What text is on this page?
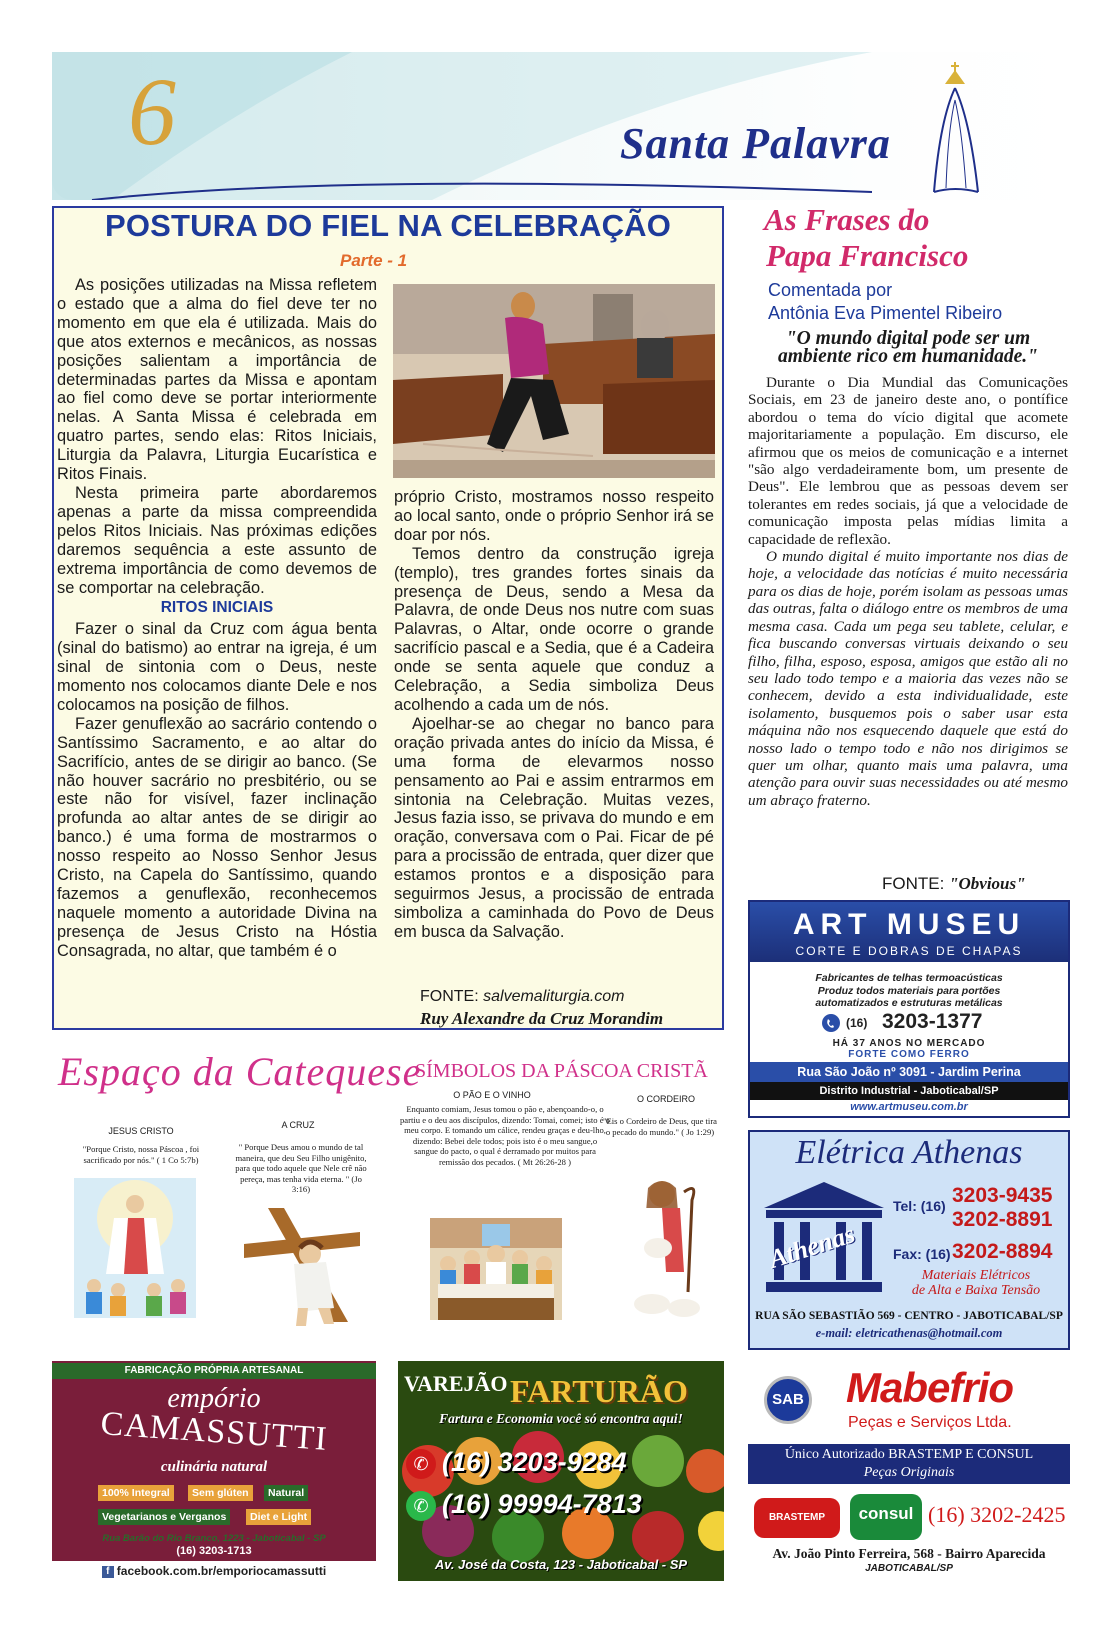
6	Santa Palavra
POSTURA DO FIEL NA CELEBRAÇÃO
Parte - 1

As posições utilizadas na Missa refletem o estado que a alma do fiel deve ter no momento em que ela é utilizada. Mais do que atos externos e mecânicos, as nossas posições salientam a importância de determinadas partes da Missa e apontam ao fiel como deve se portar interiormente nelas. A Santa Missa é celebrada em quatro partes, sendo elas: Ritos Iniciais, Liturgia da Palavra, Liturgia Eucarística e Ritos Finais.

Nesta primeira parte abordaremos apenas a parte da missa compreendida pelos Ritos Iniciais. Nas próximas edições daremos sequência a este assunto de extrema importância de como devemos de se comportar na celebração.

RITOS INICIAIS

Fazer o sinal da Cruz com água benta (sinal do batismo) ao entrar na igreja, é um sinal de sintonia com o Deus, neste momento nos colocamos diante Dele e nos colocamos na posição de filhos.

Fazer genuflexão ao sacrário contendo o Santíssimo Sacramento, e ao altar do Sacrifício, antes de se dirigir ao banco. (Se não houver sacrário no presbitério, ou se este não for visível, fazer inclinação profunda ao altar antes de se dirigir ao banco.) é uma forma de mostrarmos o nosso respeito ao Nosso Senhor Jesus Cristo, na Capela do Santíssimo, quando fazemos a genuflexão, reconhecemos naquele momento a autoridade Divina na presença de Jesus Cristo na Hóstia Consagrada, no altar, que também é o

próprio Cristo, mostramos nosso respeito ao local santo, onde o próprio Senhor irá se doar por nós.

Temos dentro da construção igreja (templo), tres grandes fortes sinais da presença de Deus, sendo a Mesa da Palavra, de onde Deus nos nutre com suas Palavras, o Altar, onde ocorre o grande sacrifício pascal e a Sedia, que é a Cadeira onde se senta aquele que conduz a Celebração, a Sedia simboliza Deus acolhendo a cada um de nós.

Ajoelhar-se ao chegar no banco para oração privada antes do início da Missa, é uma forma de elevarmos nosso pensamento ao Pai e assim entrarmos em sintonia na Celebração. Muitas vezes, Jesus fazia isso, se privava do mundo e em oração, conversava com o Pai. Ficar de pé para a procissão de entrada, quer dizer que estamos prontos e a disposição para seguirmos Jesus, a procissão de entrada simboliza a caminhada do Povo de Deus em busca da Salvação.

FONTE: salvemaliturgia.com
Ruy Alexandre da Cruz Morandim
As Frases do
Papa Francisco
Comentada por
Antônia Eva Pimentel Ribeiro
"O mundo digital pode ser um ambiente rico em humanidade."

Durante o Dia Mundial das Comunicações Sociais, em 23 de janeiro deste ano, o pontífice abordou o tema do vício digital que acomete majoritariamente a população. Em discurso, ele afirmou que os meios de comunicação e a internet "são algo verdadeiramente bom, um presente de Deus". Ele lembrou que as pessoas devem ser tolerantes em redes sociais, já que a velocidade de comunicação imposta pelas mídias limita a capacidade de reflexão.

O mundo digital é muito importante nos dias de hoje, a velocidade das notícias é muito necessária para os dias de hoje, porém isolam as pessoas umas das outras, falta o diálogo entre os membros de uma mesma casa. Cada um pega seu tablete, celular, e fica buscando conversas virtuais deixando o seu filho, filha, esposo, esposa, amigos que estão ali no seu lado todo tempo e a maioria das vezes não se conhecem, devido a esta individualidade, este isolamento, busquemos pois o saber usar esta máquina não nos esquecendo daquele que está do nosso lado o tempo todo e não nos dirigimos se quer um olhar, quanto mais uma palavra, uma atenção para ouvir suas necessidades ou até mesmo um abraço fraterno.

FONTE: "Obvious"
ART MUSEU
CORTE E DOBRAS DE CHAPAS
Fabricantes de telhas termoacústicas
Produz todos materiais para portões
automatizados e estruturas metálicas
(16) 3203-1377
HÁ 37 ANOS NO MERCADO
FORTE COMO FERRO
Rua São João nº 3091 - Jardim Perina
Distrito Industrial - Jaboticabal/SP
www.artmuseu.com.br
Elétrica Athenas
Athenas
Tel: (16) 3203-9435
3202-8891
Fax: (16) 3202-8894
Materiais Elétricos
de Alta e Baixa Tensão
RUA SÃO SEBASTIÃO 569 - CENTRO - JABOTICABAL/SP
e-mail: eletricathenas@hotmail.com
SAB Mabefrio
Peças e Serviços Ltda.
Único Autorizado BRASTEMP E CONSUL
Peças Originais
BRASTEMP	consul (16) 3202-2425
Av. João Pinto Ferreira, 568 - Bairro Aparecida
JABOTICABAL/SP
Espaço da Catequese
SÍMBOLOS DA PÁSCOA CRISTÃ
JESUS CRISTO
"Porque Cristo, nossa Páscoa , foi sacrificado por nós." ( 1 Co 5:7b)
A CRUZ
" Porque Deus amou o mundo de tal maneira, que deu Seu Filho unigênito, para que todo aquele que Nele crê não pereça, mas tenha vida eterna. " (Jo 3:16)
O PÃO E O VINHO
Enquanto comiam, Jesus tomou o pão e, abençoando-o, o partiu e o deu aos discípulos, dizendo: Tomai, comei; isto é o meu corpo. E tomando um cálice, rendeu graças e deu-lho, dizendo: Bebei dele todos; pois isto é o meu sangue,o sangue do pacto, o qual é derramado por muitos para remissão dos pecados. ( Mt 26:26-28 )
O CORDEIRO
"Eis o Cordeiro de Deus, que tira o pecado do mundo." ( Jo 1:29)
FABRICAÇÃO PRÓPRIA ARTESANAL
empório
CAMASSUTTI
culinária natural
100% Integral	Sem glúten	Natural
Vegetarianos e Verganos	Diet e Light
Rua Barão do Rio Branco, 1223 - Jaboticabal - SP
(16) 3203-1713
f facebook.com.br/emporiocamassutti
VAREJÃO FARTURÃO
Fartura e Economia você só encontra aqui!
✆ (16) 3203-9284
✆ (16) 99994-7813
Av. José da Costa, 123 - Jaboticabal - SP
